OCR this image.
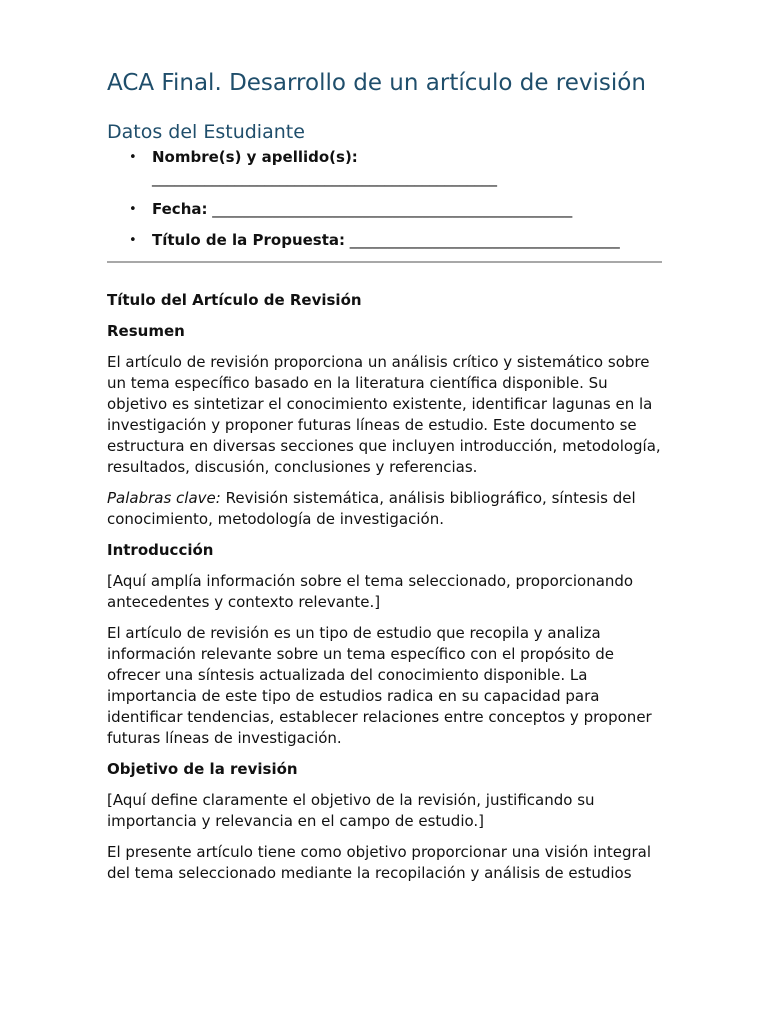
ACA Final. Desarrollo de un artículo de revisión
Datos del Estudiante
• Nombre(s) y apellido(s):
______________________________________________
• Fecha: ________________________________________________
• Título de la Propuesta: ____________________________________

Título del Artículo de Revisión

Resumen

El artículo de revisión proporciona un análisis crítico y sistemático sobre un tema específico basado en la literatura científica disponible. Su objetivo es sintetizar el conocimiento existente, identificar lagunas en la investigación y proponer futuras líneas de estudio. Este documento se estructura en diversas secciones que incluyen introducción, metodología, resultados, discusión, conclusiones y referencias.

Palabras clave: Revisión sistemática, análisis bibliográfico, síntesis del conocimiento, metodología de investigación.

Introducción

[Aquí amplía información sobre el tema seleccionado, proporcionando antecedentes y contexto relevante.]

El artículo de revisión es un tipo de estudio que recopila y analiza información relevante sobre un tema específico con el propósito de ofrecer una síntesis actualizada del conocimiento disponible. La importancia de este tipo de estudios radica en su capacidad para identificar tendencias, establecer relaciones entre conceptos y proponer futuras líneas de investigación.

Objetivo de la revisión

[Aquí define claramente el objetivo de la revisión, justificando su importancia y relevancia en el campo de estudio.]

El presente artículo tiene como objetivo proporcionar una visión integral del tema seleccionado mediante la recopilación y análisis de estudios
